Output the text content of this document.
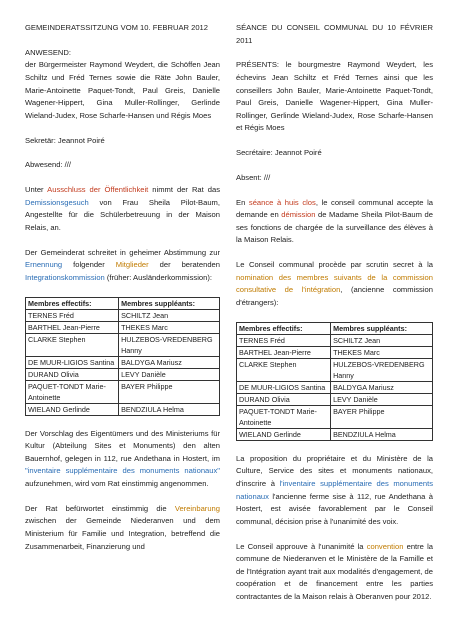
GEMEINDERATSSITZUNG VOM 10. FEBRUAR 2012

ANWESEND:

der Bürgermeister Raymond Weydert, die Schöffen Jean Schiltz und Fréd Ternes sowie die Räte John Bauler, Marie-Antoinette Paquet-Tondt, Paul Greis, Danielle Wagener-Hippert, Gina Muller-Rollinger, Gerlinde Wieland-Judex, Rose Scharfe-Hansen und Régis Moes

Sekretär: Jeannot Poiré

Abwesend: ///

Unter Ausschluss der Öffentlichkeit nimmt der Rat das Demissionsgesuch von Frau Sheila Pilot-Baum, Angestellte für die Schülerbetreuung in der Maison Relais, an.

Der Gemeinderat schreitet in geheimer Abstimmung zur Ernennung folgender Mitglieder der beratenden Integrationskommission (früher: Ausländerkommission):

Membres effectifs:	Membres suppléants:
TERNES Fréd	SCHILTZ Jean
BARTHEL Jean-Pierre	THEKES Marc
CLARKE Stephen	HULZEBOS-VREDENBERG Hanny
DE MUUR-LIGIOS Santina	BALDYGA Mariusz
DURAND Olivia	LEVY Danièle
PAQUET-TONDT Marie-Antoinette	BAYER Philippe
WIELAND Gerlinde	BENDZIULA Helma

Der Vorschlag des Eigentümers und des Ministeriums für Kultur (Abteilung Sites et Monuments) den alten Bauernhof, gelegen in 112, rue Andethana in Hostert, im "inventaire supplémentaire des monuments nationaux" aufzunehmen, wird vom Rat einstimmig angenommen.

Der Rat befürwortet einstimmig die Vereinbarung zwischen der Gemeinde Niederanven und dem Ministerium für Familie und Integration, betreffend die Zusammenarbeit, Finanzierung und

SÉANCE DU CONSEIL COMMUNAL DU 10 FÉVRIER 2011

PRÉSENTS: le bourgmestre Raymond Weydert, les échevins Jean Schiltz et Fréd Ternes ainsi que les conseillers John Bauler, Marie-Antoinette Paquet-Tondt, Paul Greis, Danielle Wagener-Hippert, Gina Muller-Rollinger, Gerlinde Wieland-Judex, Rose Scharfe-Hansen et Régis Moes

Secrétaire: Jeannot Poiré

Absent: ///

En séance à huis clos, le conseil communal accepte la demande en démission de Madame Sheila Pilot-Baum de ses fonctions de chargée de la surveillance des élèves à la Maison Relais.

Le Conseil communal procède par scrutin secret à la nomination des membres suivants de la commission consultative de l'intégration, (ancienne commission d'étrangers):

Membres effectifs:	Membres suppléants:
TERNES Fréd	SCHILTZ Jean
BARTHEL Jean-Pierre	THEKES Marc
CLARKE Stephen	HULZEBOS-VREDENBERG Hanny
DE MUUR-LIGIOS Santina	BALDYGA Mariusz
DURAND Olivia	LEVY Danièle
PAQUET-TONDT Marie-Antoinette	BAYER Philippe
WIELAND Gerlinde	BENDZIULA Helma

La proposition du propriétaire et du Ministère de la Culture, Service des sites et monuments nationaux, d'inscrire à l'inventaire supplémentaire des monuments nationaux l'ancienne ferme sise à 112, rue Andethana à Hostert, est avisée favorablement par le Conseil communal, décision prise à l'unanimité des voix.

Le Conseil approuve à l'unanimité la convention entre la commune de Niederanven et le Ministère de la Famille et de l'Intégration ayant trait aux modalités d'engagement, de coopération et de financement entre les parties contractantes de la Maison relais à Oberanven pour 2012.
